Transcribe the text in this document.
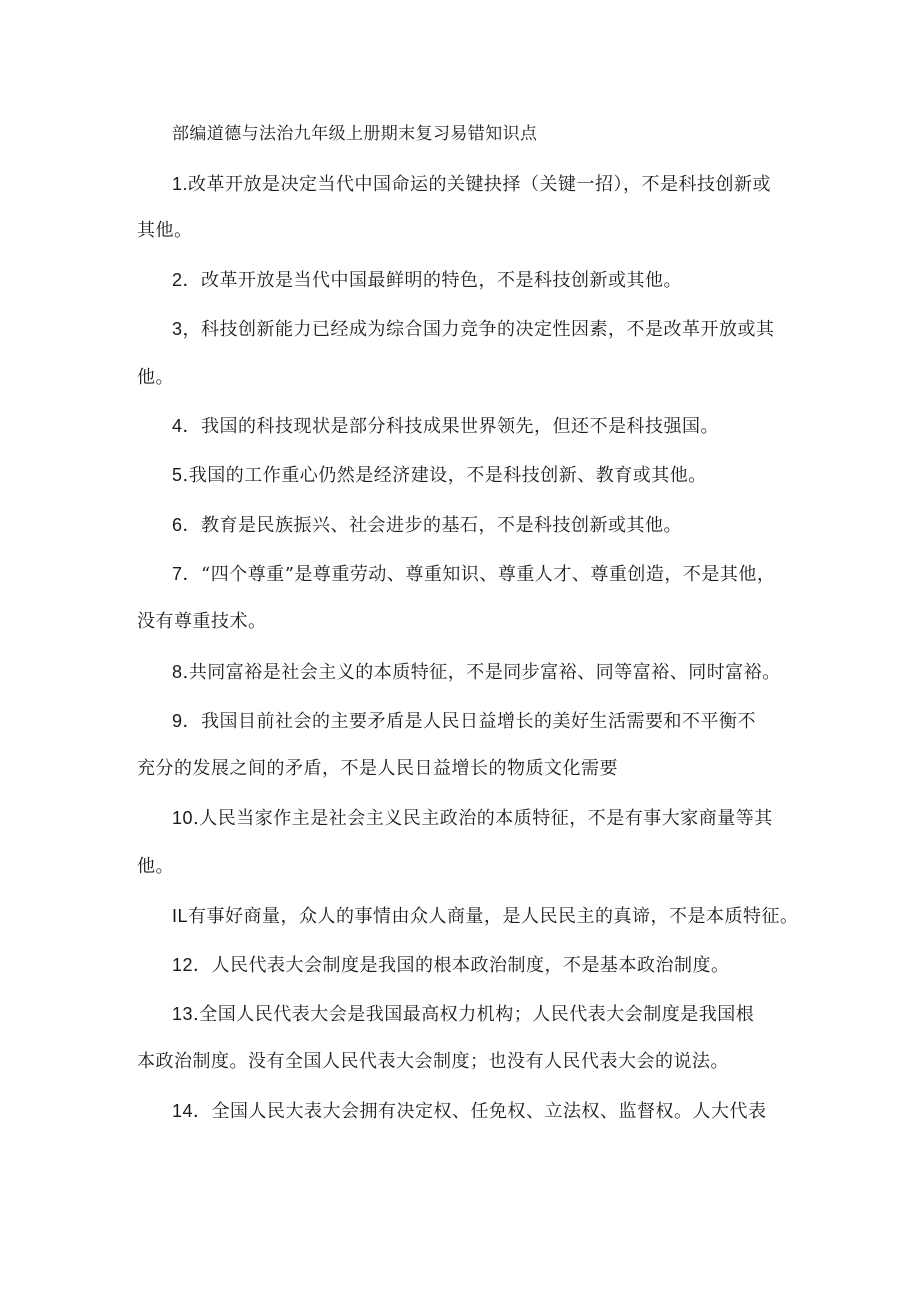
部编道德与法治九年级上册期末复习易错知识点
1.改革开放是决定当代中国命运的关键抉择（关键一招），不是科技创新或
其他。
2．改革开放是当代中国最鲜明的特色，不是科技创新或其他。
3，科技创新能力已经成为综合国力竞争的决定性因素，不是改革开放或其
他。
4．我国的科技现状是部分科技成果世界领先，但还不是科技强国。
5.我国的工作重心仍然是经济建设，不是科技创新、教育或其他。
6．教育是民族振兴、社会进步的基石，不是科技创新或其他。
7．“四个尊重”是尊重劳动、尊重知识、尊重人才、尊重创造，不是其他，
没有尊重技术。
8.共同富裕是社会主义的本质特征，不是同步富裕、同等富裕、同时富裕。
9．我国目前社会的主要矛盾是人民日益增长的美好生活需要和不平衡不
充分的发展之间的矛盾，不是人民日益增长的物质文化需要
10.人民当家作主是社会主义民主政治的本质特征，不是有事大家商量等其
他。
IL有事好商量，众人的事情由众人商量，是人民民主的真谛，不是本质特征。
12．人民代表大会制度是我国的根本政治制度，不是基本政治制度。
13.全国人民代表大会是我国最高权力机构；人民代表大会制度是我国根
本政治制度。没有全国人民代表大会制度；也没有人民代表大会的说法。
14．全国人民大表大会拥有决定权、任免权、立法权、监督权。人大代表
